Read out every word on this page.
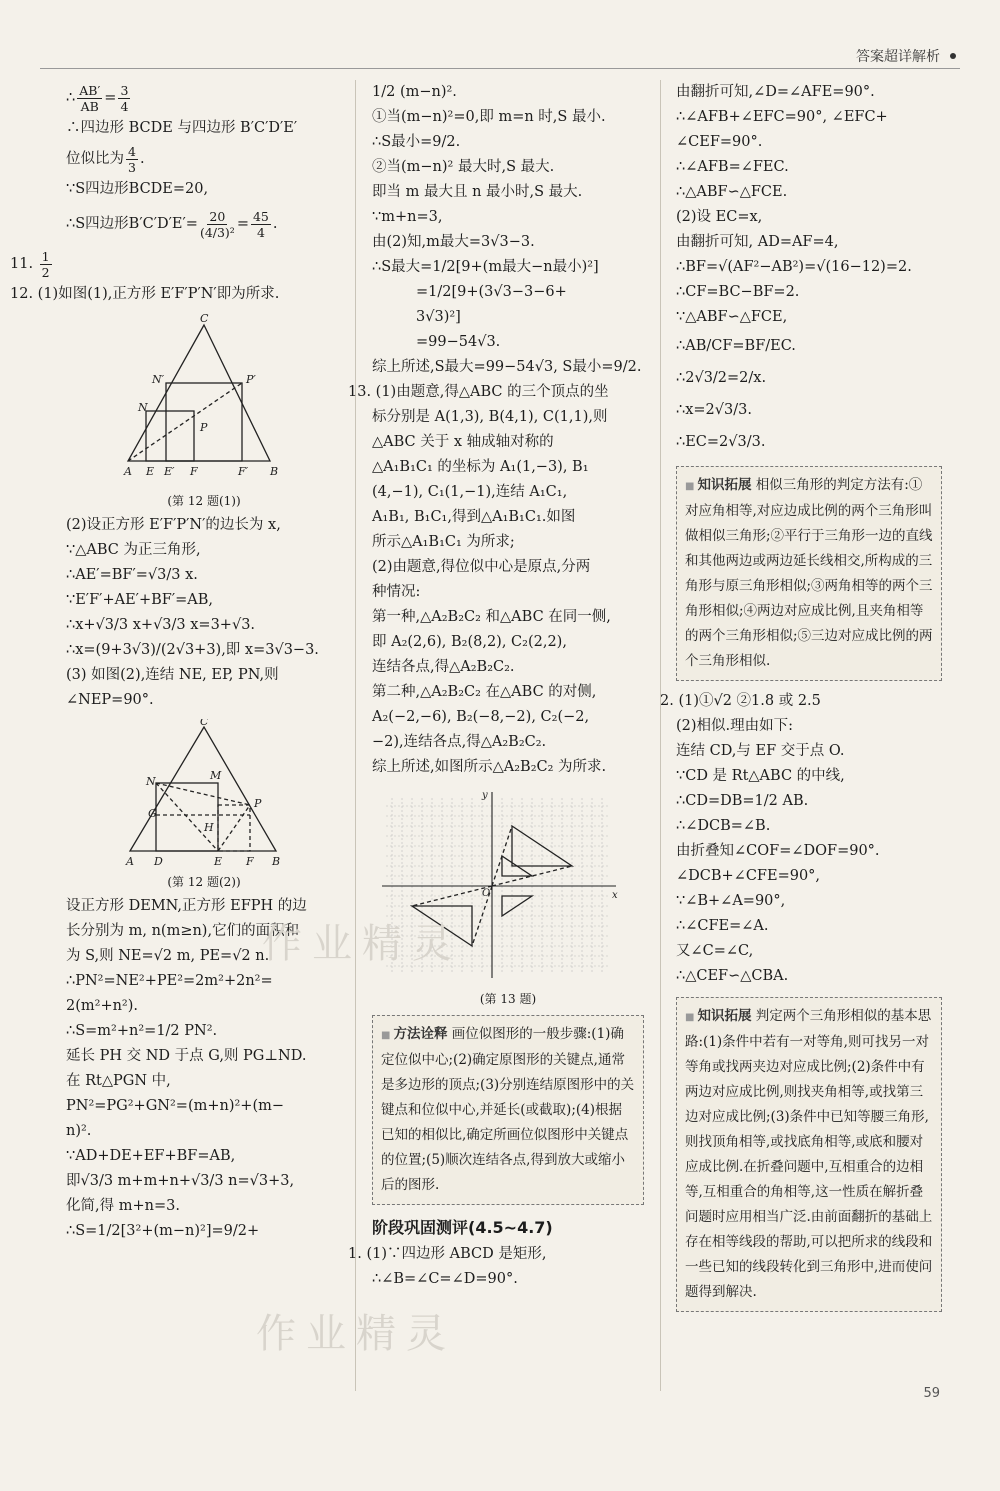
答案超详解析
∴ $\frac{AB'}{AB} = \frac{3}{4}$
∴四边形 BCDE 与四边形 B′C′D′E′
位似比为 $\frac{4}{3}$ .
∵S四边形BCDE=20,
∴S四边形$B'C'D'E'= \frac{20}{\text{(4/3)²}} = \frac{45}{4}$ .
11. $\frac{1}{2}$
12. (1)如图(1),正方形 E′F′P′N′即为所求.
C
N′	P′
N
P
A E E′ F	F′ B
(第 12 题(1))
(2)设正方形 E′F′P′N′的边长为 x,
∵△ABC 为正三角形,
∴AE′=BF′=√3/3 x.
∵E′F′+AE′+BF′=AB,
∴x+√3/3 x+√3/3 x=3+√3.
∴x=(9+3√3)/(2√3+3),即 x=3√3−3.
(3) 如图(2),连结 NE, EP, PN,则
∠NEP=90°.
C
N	M
G
H
P
A D	E F B
(第 12 题(2))
设正方形 DEMN,正方形 EFPH 的边
长分别为 m, n(m≥n),它们的面积和
为 S,则 NE=√2 m, PE=√2 n.
∴PN²=NE²+PE²=2m²+2n²=
2(m²+n²).
∴S=m²+n²=1/2 PN².
延长 PH 交 ND 于点 G,则 PG⊥ND.
在 Rt△PGN 中,
PN²=PG²+GN²=(m+n)²+(m−
n)².
∵AD+DE+EF+BF=AB,
即√3/3 m+m+n+√3/3 n=√3+3,
化简,得 m+n=3.
∴S=1/2[3²+(m−n)²]=9/2+
1/2 (m−n)².
①当(m−n)²=0,即 m=n 时,S 最小.
∴S最小=9/2.
②当(m−n)² 最大时,S 最大.
即当 m 最大且 n 最小时,S 最大.
∵m+n=3,
由(2)知,m最大=3√3−3.
∴S最大=1/2[9+(m最大−n最小)²]
=1/2[9+(3√3−3−6+
3√3)²]
=99−54√3.
综上所述,S最大=99−54√3, S最小=9/2.
13. (1)由题意,得△ABC 的三个顶点的坐
标分别是 A(1,3), B(4,1), C(1,1),则
△ABC 关于 x 轴成轴对称的
△A₁B₁C₁ 的坐标为 A₁(1,−3), B₁
(4,−1), C₁(1,−1),连结 A₁C₁,
A₁B₁, B₁C₁,得到△A₁B₁C₁.如图
所示△A₁B₁C₁ 为所求;
(2)由题意,得位似中心是原点,分两
种情况:
第一种,△A₂B₂C₂ 和△ABC 在同一侧,
即 A₂(2,6), B₂(8,2), C₂(2,2),
连结各点,得△A₂B₂C₂.
第二种,△A₂B₂C₂ 在△ABC 的对侧,
A₂(−2,−6), B₂(−8,−2), C₂(−2,
−2),连结各点,得△A₂B₂C₂.
综上所述,如图所示△A₂B₂C₂ 为所求.
y
x
O
(第 13 题)
■ 方法诠释 画位似图形的一般步骤:(1)确定位似中心;(2)确定原图形的关键点,通常是多边形的顶点;(3)分别连结原图形中的关键点和位似中心,并延长(或截取);(4)根据已知的相似比,确定所画位似图形中关键点的位置;(5)顺次连结各点,得到放大或缩小后的图形.
阶段巩固测评(4.5~4.7)
1. (1)∵四边形 ABCD 是矩形,
∴∠B=∠C=∠D=90°.
由翻折可知,∠D=∠AFE=90°.
∴∠AFB+∠EFC=90°, ∠EFC+
∠CEF=90°.
∴∠AFB=∠FEC.
∴△ABF∽△FCE.
(2)设 EC=x,
由翻折可知, AD=AF=4,
∴BF=√(AF²−AB²)=√(16−12)=2.
∴CF=BC−BF=2.
∵△ABF∽△FCE,
∴AB/CF=BF/EC.
∴2√3/2=2/x.
∴x=2√3/3.
∴EC=2√3/3.
■ 知识拓展 相似三角形的判定方法有:①对应角相等,对应边成比例的两个三角形叫做相似三角形;②平行于三角形一边的直线和其他两边或两边延长线相交,所构成的三角形与原三角形相似;③两角相等的两个三角形相似;④两边对应成比例,且夹角相等的两个三角形相似;⑤三边对应成比例的两个三角形相似.
2. (1)①√2 ②1.8 或 2.5
(2)相似.理由如下:
连结 CD,与 EF 交于点 O.
∵CD 是 Rt△ABC 的中线,
∴CD=DB=1/2 AB.
∴∠DCB=∠B.
由折叠知∠COF=∠DOF=90°.
∠DCB+∠CFE=90°,
∵∠B+∠A=90°,
∴∠CFE=∠A.
又∠C=∠C,
∴△CEF∽△CBA.
■ 知识拓展 判定两个三角形相似的基本思路:(1)条件中若有一对等角,则可找另一对等角或找两夹边对应成比例;(2)条件中有两边对应成比例,则找夹角相等,或找第三边对应成比例;(3)条件中已知等腰三角形,则找顶角相等,或找底角相等,或底和腰对应成比例.在折叠问题中,互相重合的边相等,互相重合的角相等,这一性质在解折叠问题时应用相当广泛.由前面翻折的基础上存在相等线段的帮助,可以把所求的线段和一些已知的线段转化到三角形中,进而使问题得到解决.
作业精灵
作业精灵
59
